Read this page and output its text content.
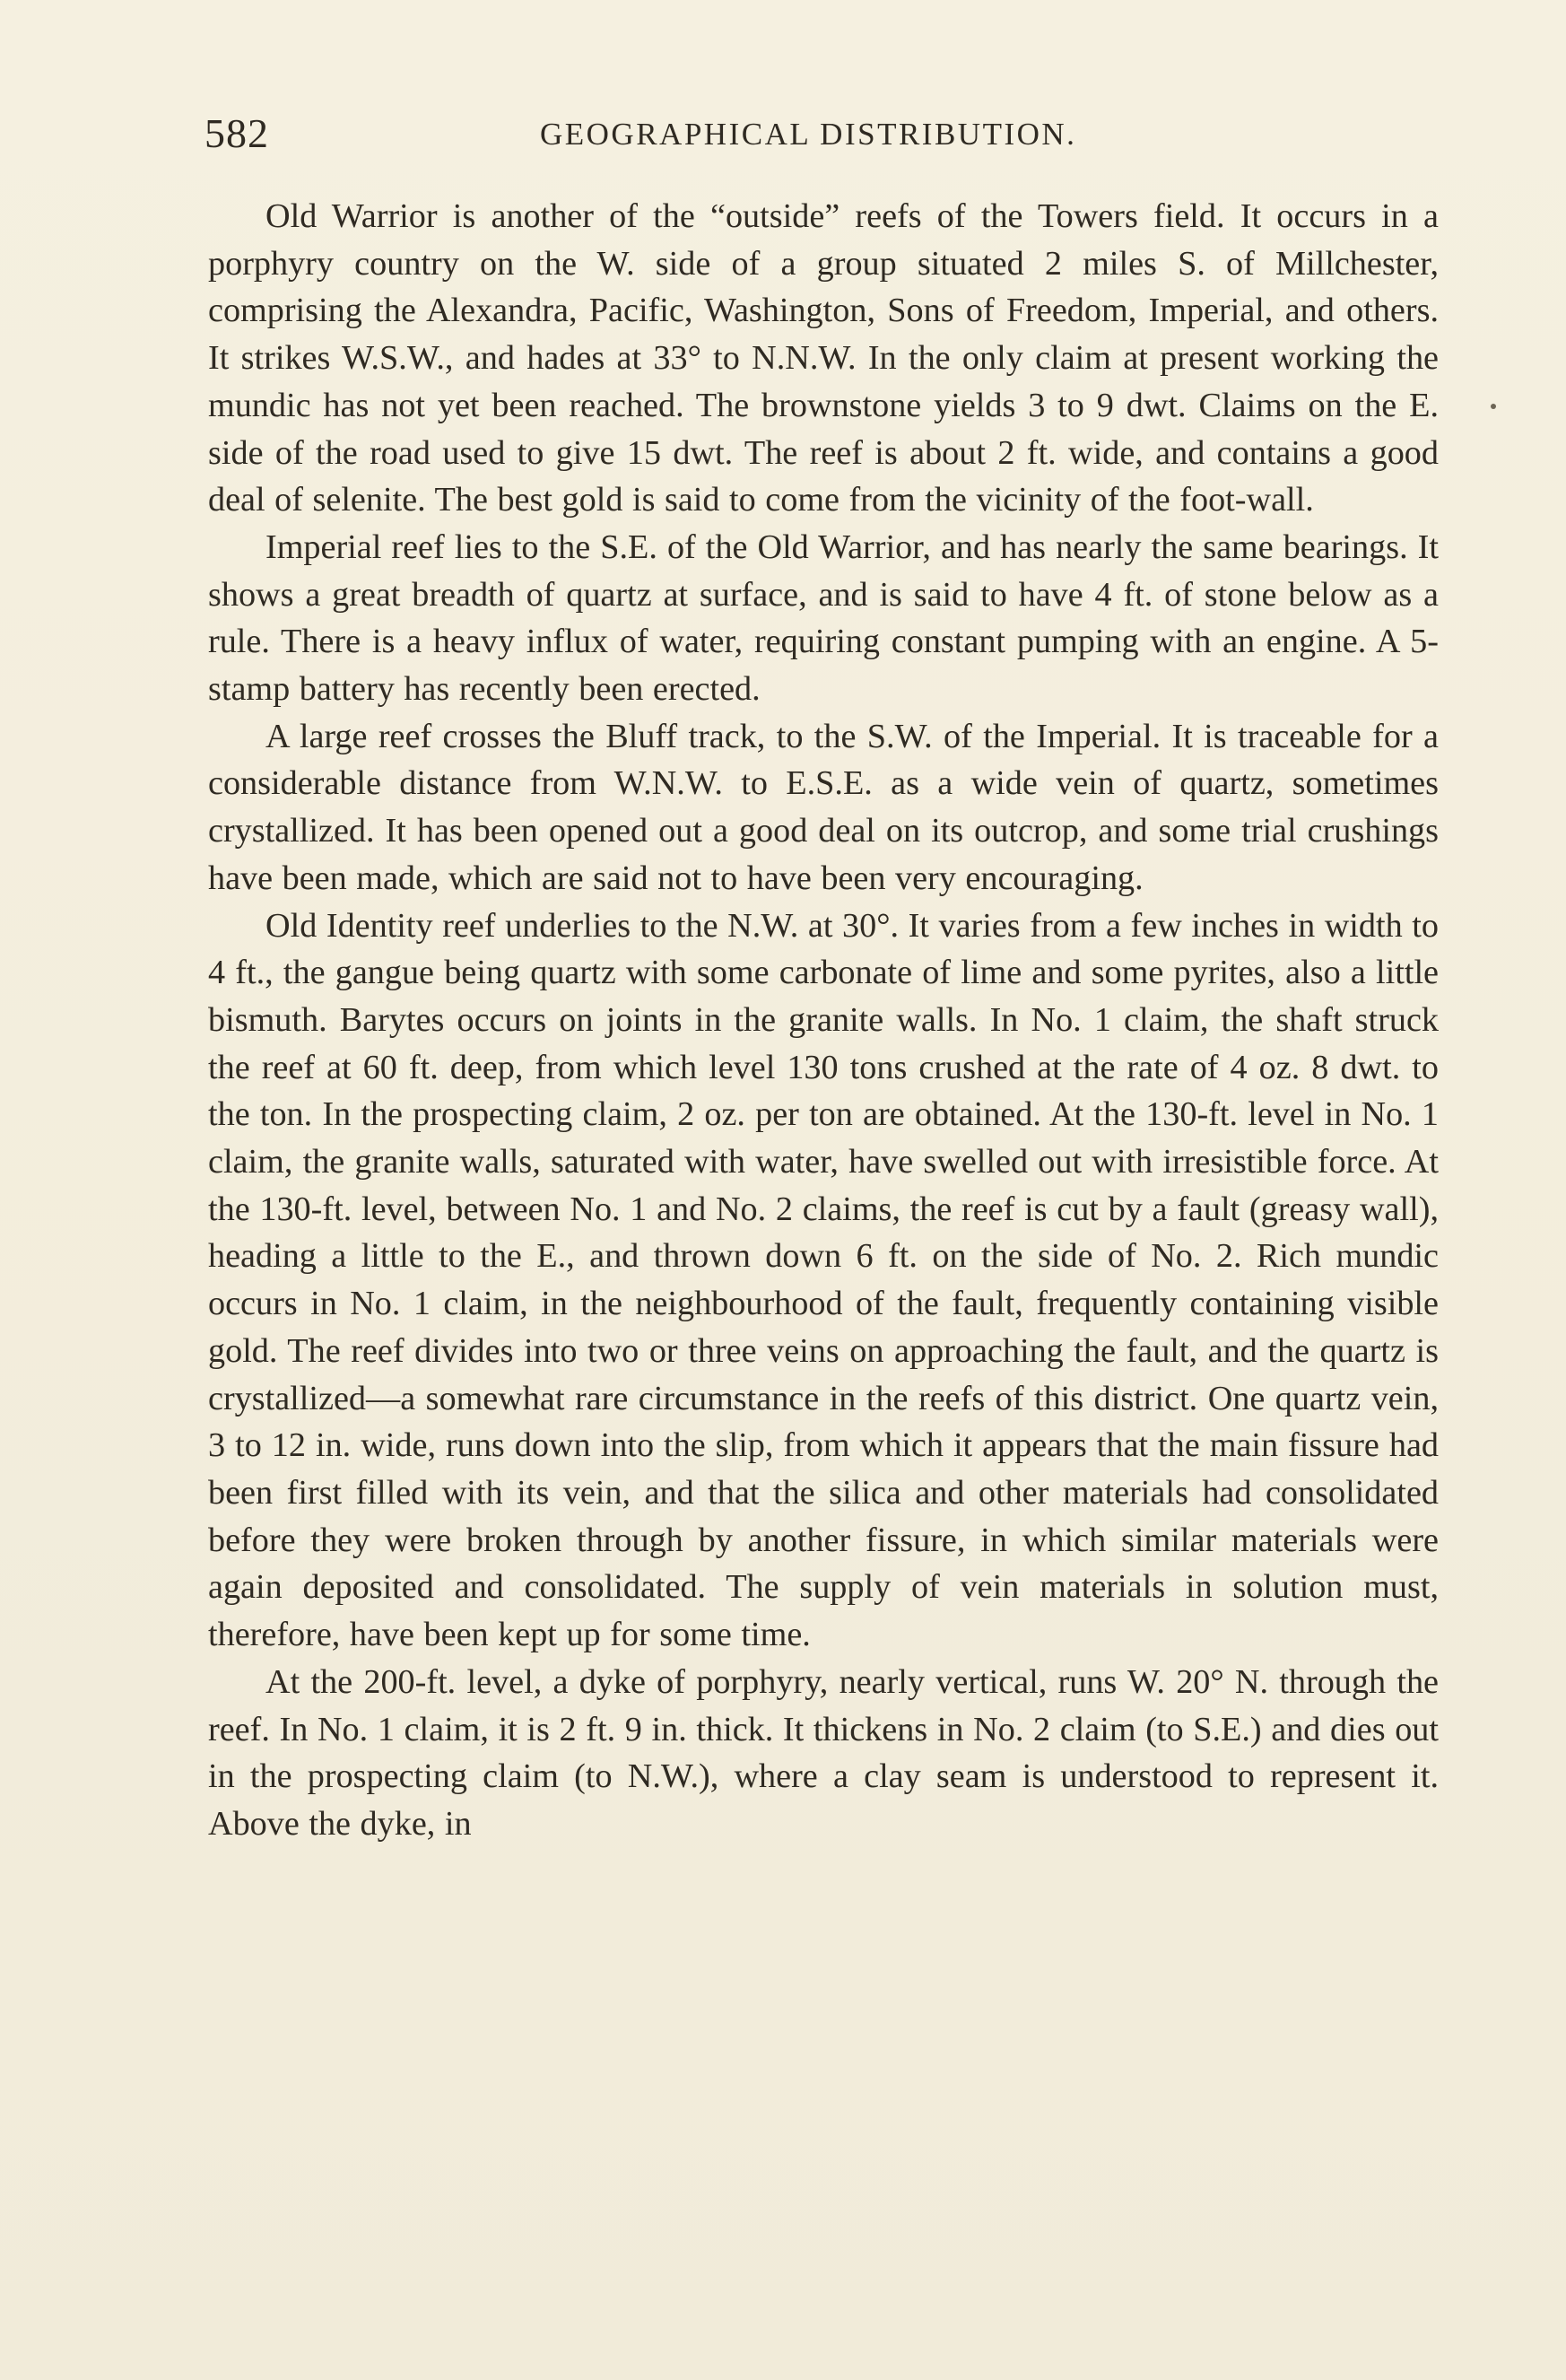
582	GEOGRAPHICAL DISTRIBUTION.

Old Warrior is another of the “outside” reefs of the Towers field. It occurs in a porphyry country on the W. side of a group situated 2 miles S. of Millchester, comprising the Alexandra, Pacific, Washington, Sons of Freedom, Imperial, and others. It strikes W.S.W., and hades at 33° to N.N.W. In the only claim at present working the mundic has not yet been reached. The brownstone yields 3 to 9 dwt. Claims on the E. side of the road used to give 15 dwt. The reef is about 2 ft. wide, and contains a good deal of selenite. The best gold is said to come from the vicinity of the foot-wall.

Imperial reef lies to the S.E. of the Old Warrior, and has nearly the same bearings. It shows a great breadth of quartz at surface, and is said to have 4 ft. of stone below as a rule. There is a heavy influx of water, requiring constant pumping with an engine. A 5-stamp battery has recently been erected.

A large reef crosses the Bluff track, to the S.W. of the Imperial. It is traceable for a considerable distance from W.N.W. to E.S.E. as a wide vein of quartz, sometimes crystallized. It has been opened out a good deal on its outcrop, and some trial crushings have been made, which are said not to have been very encouraging.

Old Identity reef underlies to the N.W. at 30°. It varies from a few inches in width to 4 ft., the gangue being quartz with some carbonate of lime and some pyrites, also a little bismuth. Barytes occurs on joints in the granite walls. In No. 1 claim, the shaft struck the reef at 60 ft. deep, from which level 130 tons crushed at the rate of 4 oz. 8 dwt. to the ton. In the prospecting claim, 2 oz. per ton are obtained. At the 130-ft. level in No. 1 claim, the granite walls, saturated with water, have swelled out with irresistible force. At the 130-ft. level, between No. 1 and No. 2 claims, the reef is cut by a fault (greasy wall), heading a little to the E., and thrown down 6 ft. on the side of No. 2. Rich mundic occurs in No. 1 claim, in the neighbourhood of the fault, frequently containing visible gold. The reef divides into two or three veins on approaching the fault, and the quartz is crystallized—a somewhat rare circumstance in the reefs of this district. One quartz vein, 3 to 12 in. wide, runs down into the slip, from which it appears that the main fissure had been first filled with its vein, and that the silica and other materials had consolidated before they were broken through by another fissure, in which similar materials were again deposited and consolidated. The supply of vein materials in solution must, therefore, have been kept up for some time.

At the 200-ft. level, a dyke of porphyry, nearly vertical, runs W. 20° N. through the reef. In No. 1 claim, it is 2 ft. 9 in. thick. It thickens in No. 2 claim (to S.E.) and dies out in the prospecting claim (to N.W.), where a clay seam is understood to represent it. Above the dyke, in
